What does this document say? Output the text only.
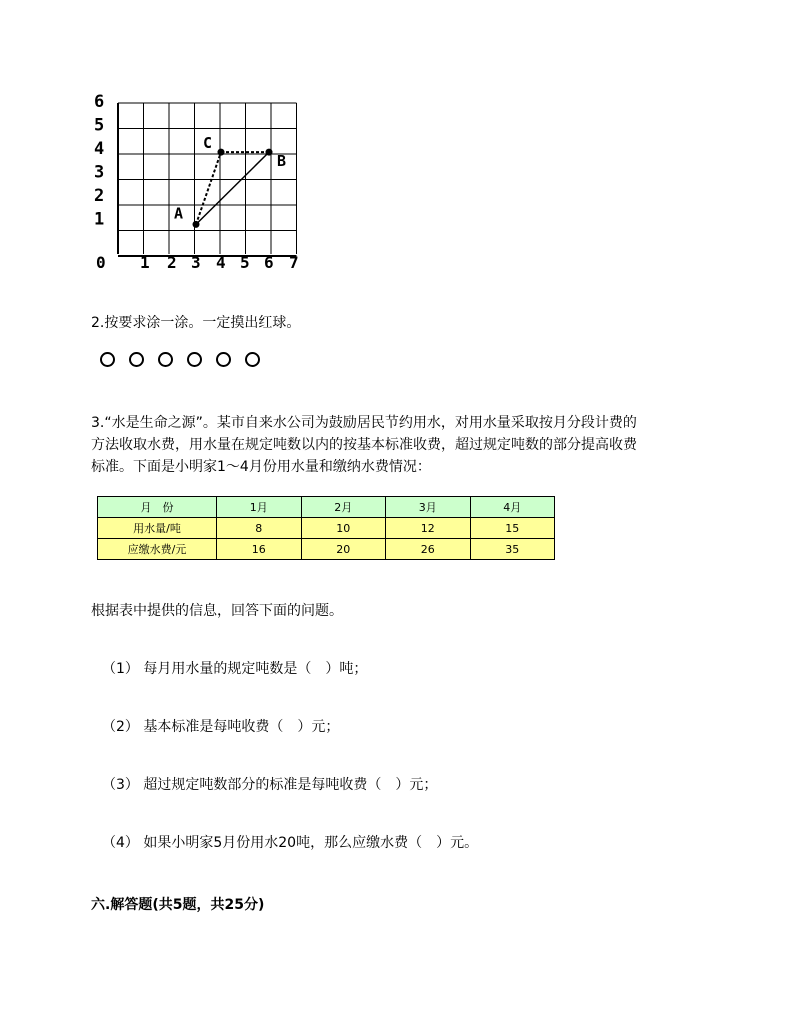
6
5
4
3
2
1
0 1 2 3 4 5 6 7
A
B
C
2.按要求涂一涂。一定摸出红球。
3.“水是生命之源”。某市自来水公司为鼓励居民节约用水，对用水量采取按月分段计费的
方法收取水费，用水量在规定吨数以内的按基本标准收费，超过规定吨数的部分提高收费
标准。下面是小明家1～4月份用水量和缴纳水费情况：
月　份	1月	2月	3月	4月
用水量/吨	8	10	12	15
应缴水费/元	16	20	26	35
根据表中提供的信息，回答下面的问题。
（1） 每月用水量的规定吨数是（　）吨；
（2） 基本标准是每吨收费（　）元；
（3） 超过规定吨数部分的标准是每吨收费（　）元；
（4） 如果小明家5月份用水20吨，那么应缴水费（　）元。
六.解答题(共5题，共25分)
